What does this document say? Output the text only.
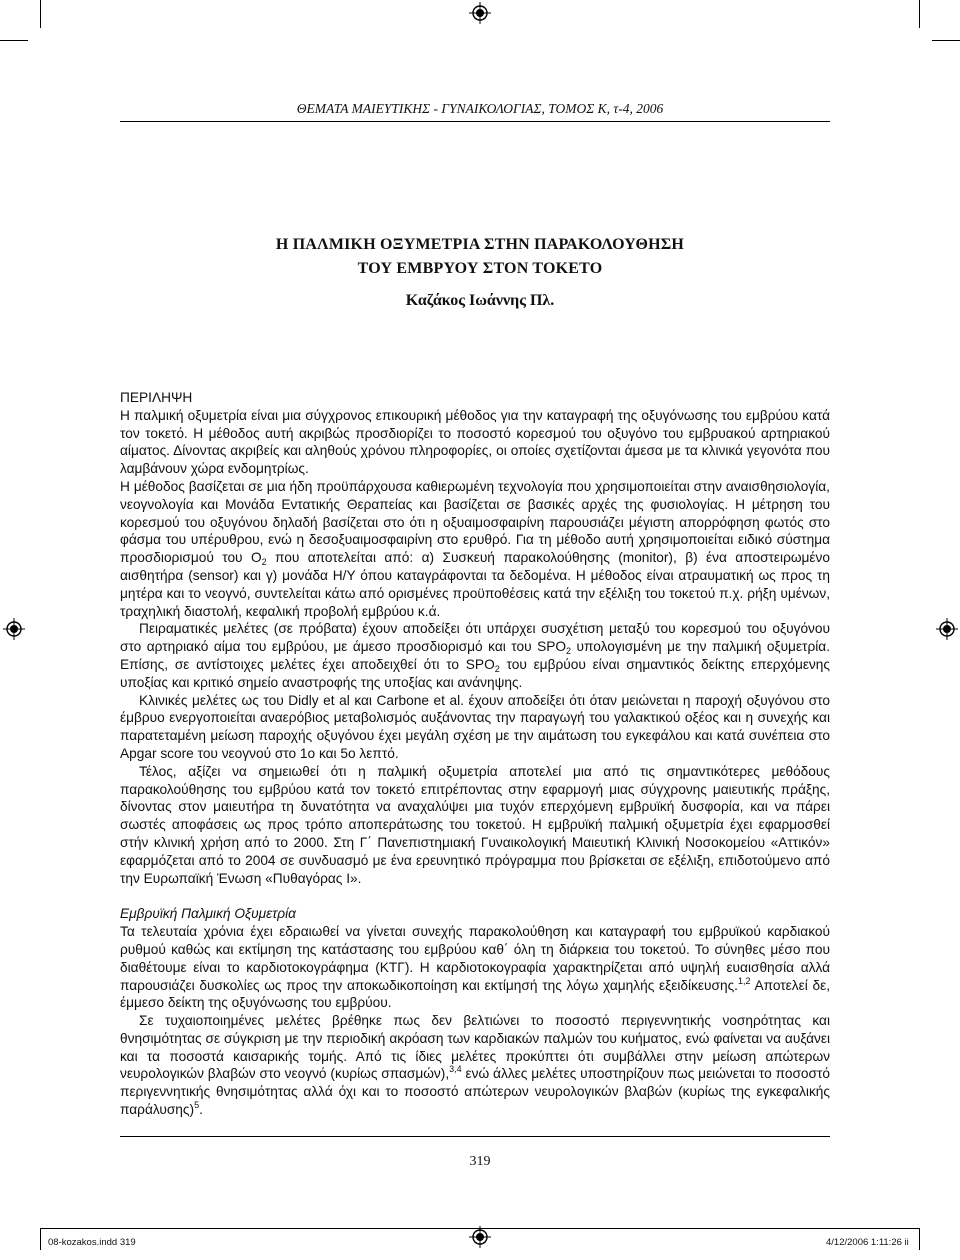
ΘΕΜΑΤΑ ΜΑΙΕΥΤΙΚΗΣ - ΓΥΝΑΙΚΟΛΟΓΙΑΣ, ΤΟΜΟΣ Κ, τ-4, 2006
Η ΠΑΛΜΙΚΗ ΟΞΥΜΕΤΡΙΑ ΣΤΗΝ ΠΑΡΑΚΟΛΟΥΘΗΣΗ
ΤΟΥ ΕΜΒΡΥΟΥ ΣΤΟΝ ΤΟΚΕΤΟ
Καζάκος Ιωάννης Πλ.

ΠΕΡΙΛΗΨΗ

Η παλμική οξυμετρία είναι μια σύγχρονος επικουρική μέθοδος για την καταγραφή της οξυγόνωσης του εμβρύου κατά τον τοκετό. Η μέθοδος αυτή ακριβώς προσδιορίζει το ποσοστό κορεσμού του οξυγόνο του εμβρυακού αρτηριακού αίματος. Δίνοντας ακριβείς και αληθούς χρόνου πληροφορίες, οι οποίες σχετίζονται άμεσα με τα κλινικά γεγονότα που λαμβάνουν χώρα ενδομητρίως.

Η μέθοδος βασίζεται σε μια ήδη προϋπάρχουσα καθιερωμένη τεχνολογία που χρησιμοποιείται στην αναισθησιολογία, νεογνολογία και Μονάδα Εντατικής Θεραπείας και βασίζεται σε βασικές αρχές της φυσιολογίας. Η μέτρηση του κορεσμού του οξυγόνου δηλαδή βασίζεται στο ότι η οξυαιμοσφαιρίνη παρουσιάζει μέγιστη απορρόφηση φωτός στο φάσμα του υπέρυθρου, ενώ η δεσοξυαιμοσφαιρίνη στο ερυθρό. Για τη μέθοδο αυτή χρησιμοποιείται ειδικό σύστημα προσδιορισμού του $O_2$ που αποτελείται από: α) Συσκευή παρακολούθησης (monitor), β) ένα αποστειρωμένο αισθητήρα (sensor) και γ) μονάδα Η/Υ όπου καταγράφονται τα δεδομένα. Η μέθοδος είναι ατραυματική ως προς τη μητέρα και το νεογνό, συντελείται κάτω από ορισμένες προϋποθέσεις κατά την εξέλιξη του τοκετού π.χ. ρήξη υμένων, τραχηλική διαστολή, κεφαλική προβολή εμβρύου κ.ά.

Πειραματικές μελέτες (σε πρόβατα) έχουν αποδείξει ότι υπάρχει συσχέτιση μεταξύ του κορεσμού του οξυγόνου στο αρτηριακό αίμα του εμβρύου, με άμεσο προσδιορισμό και του $SPO_2$ υπολογισμένη με την παλμική οξυμετρία. Επίσης, σε αντίστοιχες μελέτες έχει αποδειχθεί ότι το $SPO_2$ του εμβρύου είναι σημαντικός δείκτης επερχόμενης υποξίας και κριτικό σημείο αναστροφής της υποξίας και ανάνηψης.

Κλινικές μελέτες ως του Didly et al και Carbone et al. έχουν αποδείξει ότι όταν μειώνεται η παροχή οξυγόνου στο έμβρυο ενεργοποιείται αναερόβιος μεταβολισμός αυξάνοντας την παραγωγή του γαλακτικού οξέος και η συνεχής και παρατεταμένη μείωση παροχής οξυγόνου έχει μεγάλη σχέση με την αιμάτωση του εγκεφάλου και κατά συνέπεια στο Apgar score του νεογνού στο 1ο και 5ο λεπτό.

Τέλος, αξίζει να σημειωθεί ότι η παλμική οξυμετρία αποτελεί μια από τις σημαντικότερες μεθόδους παρακολούθησης του εμβρύου κατά τον τοκετό επιτρέποντας στην εφαρμογή μιας σύγχρονης μαιευτικής πράξης, δίνοντας στον μαιευτήρα τη δυνατότητα να αναχαλύψει μια τυχόν επερχόμενη εμβρυϊκή δυσφορία, και να πάρει σωστές αποφάσεις ως προς τρόπο αποπεράτωσης του τοκετού. Η εμβρυϊκή παλμική οξυμετρία έχει εφαρμοσθεί στήν κλινική χρήση από το 2000. Στη Γ΄ Πανεπιστημιακή Γυναικολογική Μαιευτική Κλινική Νοσοκομείου «Αττικόν» εφαρμόζεται από το 2004 σε συνδυασμό με ένα ερευνητικό πρόγραμμα που βρίσκεται σε εξέλιξη, επιδοτούμενο από την Ευρωπαϊκή Ένωση «Πυθαγόρας Ι».

Εμβρυϊκή Παλμική Οξυμετρία

Τα τελευταία χρόνια έχει εδραιωθεί να γίνεται συνεχής παρακολούθηση και καταγραφή του εμβρυϊκού καρδιακού ρυθμού καθώς και εκτίμηση της κατάστασης του εμβρύου καθ΄ όλη τη διάρκεια του τοκετού. Το σύνηθες μέσο που διαθέτουμε είναι το καρδιοτοκογράφημα (ΚΤΓ). Η καρδιοτοκογραφία χαρακτηρίζεται από υψηλή ευαισθησία αλλά παρουσιάζει δυσκολίες ως προς την αποκωδικοποίηση και εκτίμησή της λόγω χαμηλής εξειδίκευσης.$^{1,2}$ Αποτελεί δε, έμμεσο δείκτη της οξυγόνωσης του εμβρύου.

Σε τυχαιοποιημένες μελέτες βρέθηκε πως δεν βελτιώνει το ποσοστό περιγεννητικής νοσηρότητας και θνησιμότητας σε σύγκριση με την περιοδική ακρόαση των καρδιακών παλμών του κυήματος, ενώ φαίνεται να αυξάνει και τα ποσοστά καισαρικής τομής. Από τις ίδιες μελέτες προκύπτει ότι συμβάλλει στην μείωση απώτερων νευρολογικών βλαβών στο νεογνό (κυρίως σπασμών),$^{3,4}$ ενώ άλλες μελέτες υποστηρίζουν πως μειώνεται το ποσοστό περιγεννητικής θνησιμότητας αλλά όχι και το ποσοστό απώτερων νευρολογικών βλαβών (κυρίως της εγκεφαλικής παράλυσης)$^5$.

319
08-kozakos.indd 319	4/12/2006 1:11:26 ii
